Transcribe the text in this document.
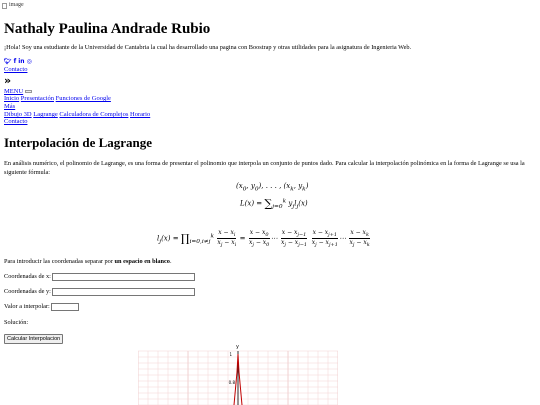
image
Nathaly Paulina Andrade Rubio

¡Hola! Soy una estudiante de la Universidad de Cantabria la cual ha desarrollado una pagina con Boostrap y otras utilidades para la asignatura de Ingenieria Web.

🐦︎ f in ◎
Contacto
»
MENU
Inicio Presentación Funciones de Google
Más
Dibujo 3D Lagrange Calculadora de Complejos Horario
Contacto
Interpolación de Lagrange

En análisis numérico, el polinomio de Lagrange, es una forma de presentar el polinomio que interpola un conjunto de puntos dado. Para calcular la interpolación polinómica en la forma de Lagrange se usa la siguiente fórmula:

($x_0$, $y_0$), . . . , ($x_k$, $y_k$)
$L(x) = \sum_{j=0}^k$ $y_jl_j(x)$
$l_j(x)$ = $\prod_{i=0,i\ne j}^k \frac{x - x_i}{x_j - x_i} = \frac{x - x_0}{x_j - x_0}$ ⋯ $\frac{x - x_{j-1}}{x_j - x_{j-1}}$
$\frac{x - x_{j+1}}{x_j - x_{j+1}}$ ⋯ $\frac{x - x_k}{x_j - x_k}$

Para introducir las coordenadas separar por un espacio en blanco.

Coordenadas de x:
Coordenadas de y:
Valor a interpolar:

Solución:

Calcular Interpolacion
y
1
0.8
